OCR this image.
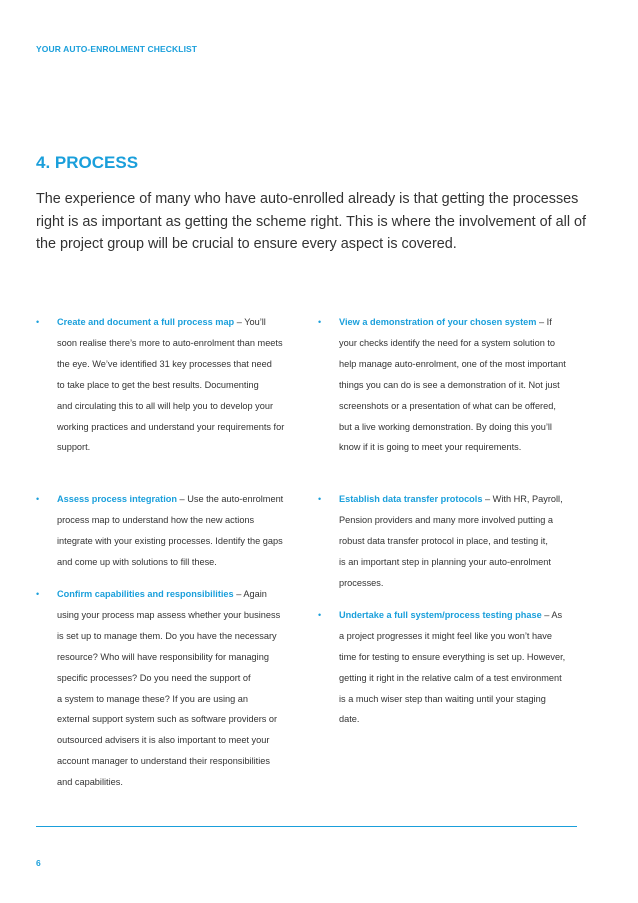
YOUR AUTO-ENROLMENT CHECKLIST
4. PROCESS

The experience of many who have auto-enrolled already is that getting the processes right is as important as getting the scheme right. This is where the involvement of all of the project group will be crucial to ensure every aspect is covered.

• Create and document a full process map – You’ll
soon realise there’s more to auto-enrolment than meets
the eye. We’ve identified 31 key processes that need
to take place to get the best results. Documenting
and circulating this to all will help you to develop your
working practices and understand your requirements for
support.
• Assess process integration – Use the auto-enrolment
process map to understand how the new actions
integrate with your existing processes. Identify the gaps
and come up with solutions to fill these.
• Confirm capabilities and responsibilities – Again
using your process map assess whether your business
is set up to manage them. Do you have the necessary
resource? Who will have responsibility for managing
specific processes? Do you need the support of
a system to manage these? If you are using an
external support system such as software providers or
outsourced advisers it is also important to meet your
account manager to understand their responsibilities
and capabilities.
• View a demonstration of your chosen system – If
your checks identify the need for a system solution to
help manage auto-enrolment, one of the most important
things you can do is see a demonstration of it. Not just
screenshots or a presentation of what can be offered,
but a live working demonstration. By doing this you’ll
know if it is going to meet your requirements.
• Establish data transfer protocols – With HR, Payroll,
Pension providers and many more involved putting a
robust data transfer protocol in place, and testing it,
is an important step in planning your auto-enrolment
processes.
• Undertake a full system/process testing phase – As
a project progresses it might feel like you won’t have
time for testing to ensure everything is set up. However,
getting it right in the relative calm of a test environment
is a much wiser step than waiting until your staging
date.
6
